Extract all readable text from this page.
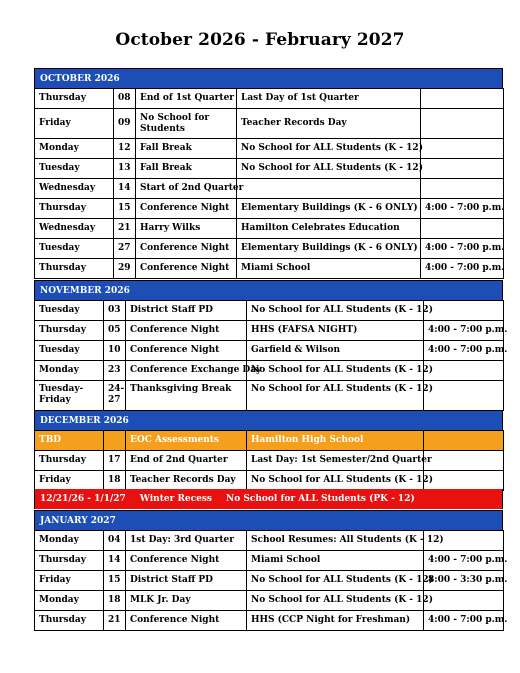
October 2026 - February 2027
OCTOBER 2026
Thursday	08	End of 1st Quarter	Last Day of 1st Quarter	
Friday	09	No School for Students	Teacher Records Day	
Monday	12	Fall Break	No School for ALL Students (K - 12)	
Tuesday	13	Fall Break	No School for ALL Students (K - 12)	
Wednesday	14	Start of 2nd Quarter		
Thursday	15	Conference Night	Elementary Buildings (K - 6 ONLY)	4:00 - 7:00 p.m.
Wednesday	21	Harry Wilks	Hamilton Celebrates Education	
Tuesday	27	Conference Night	Elementary Buildings (K - 6 ONLY)	4:00 - 7:00 p.m.
Thursday	29	Conference Night	Miami School	4:00 - 7:00 p.m.
NOVEMBER 2026
Tuesday	03	District Staff PD	No School for ALL Students (K - 12)	
Thursday	05	Conference Night	HHS (FAFSA NIGHT)	4:00 - 7:00 p.m.
Tuesday	10	Conference Night	Garfield & Wilson	4:00 - 7:00 p.m.
Monday	23	Conference Exchange Day	No School for ALL Students (K - 12)	
Tuesday-Friday	24-27	Thanksgiving Break	No School for ALL Students (K - 12)	
DECEMBER 2026
TBD		EOC Assessments	Hamilton High School	
Thursday	17	End of 2nd Quarter	Last Day: 1st Semester/2nd Quarter	
Friday	18	Teacher Records Day	No School for ALL Students (K - 12)	
12/21/26 - 1/1/27 Winter Recess No School for ALL Students (PK - 12)
JANUARY 2027
Monday	04	1st Day: 3rd Quarter	School Resumes: All Students (K - 12)	
Thursday	14	Conference Night	Miami School	4:00 - 7:00 p.m.
Friday	15	District Staff PD	No School for ALL Students (K - 12)	8:00 - 3:30 p.m.
Monday	18	MLK Jr. Day	No School for ALL Students (K - 12)	
Thursday	21	Conference Night	HHS (CCP Night for Freshman)	4:00 - 7:00 p.m.
